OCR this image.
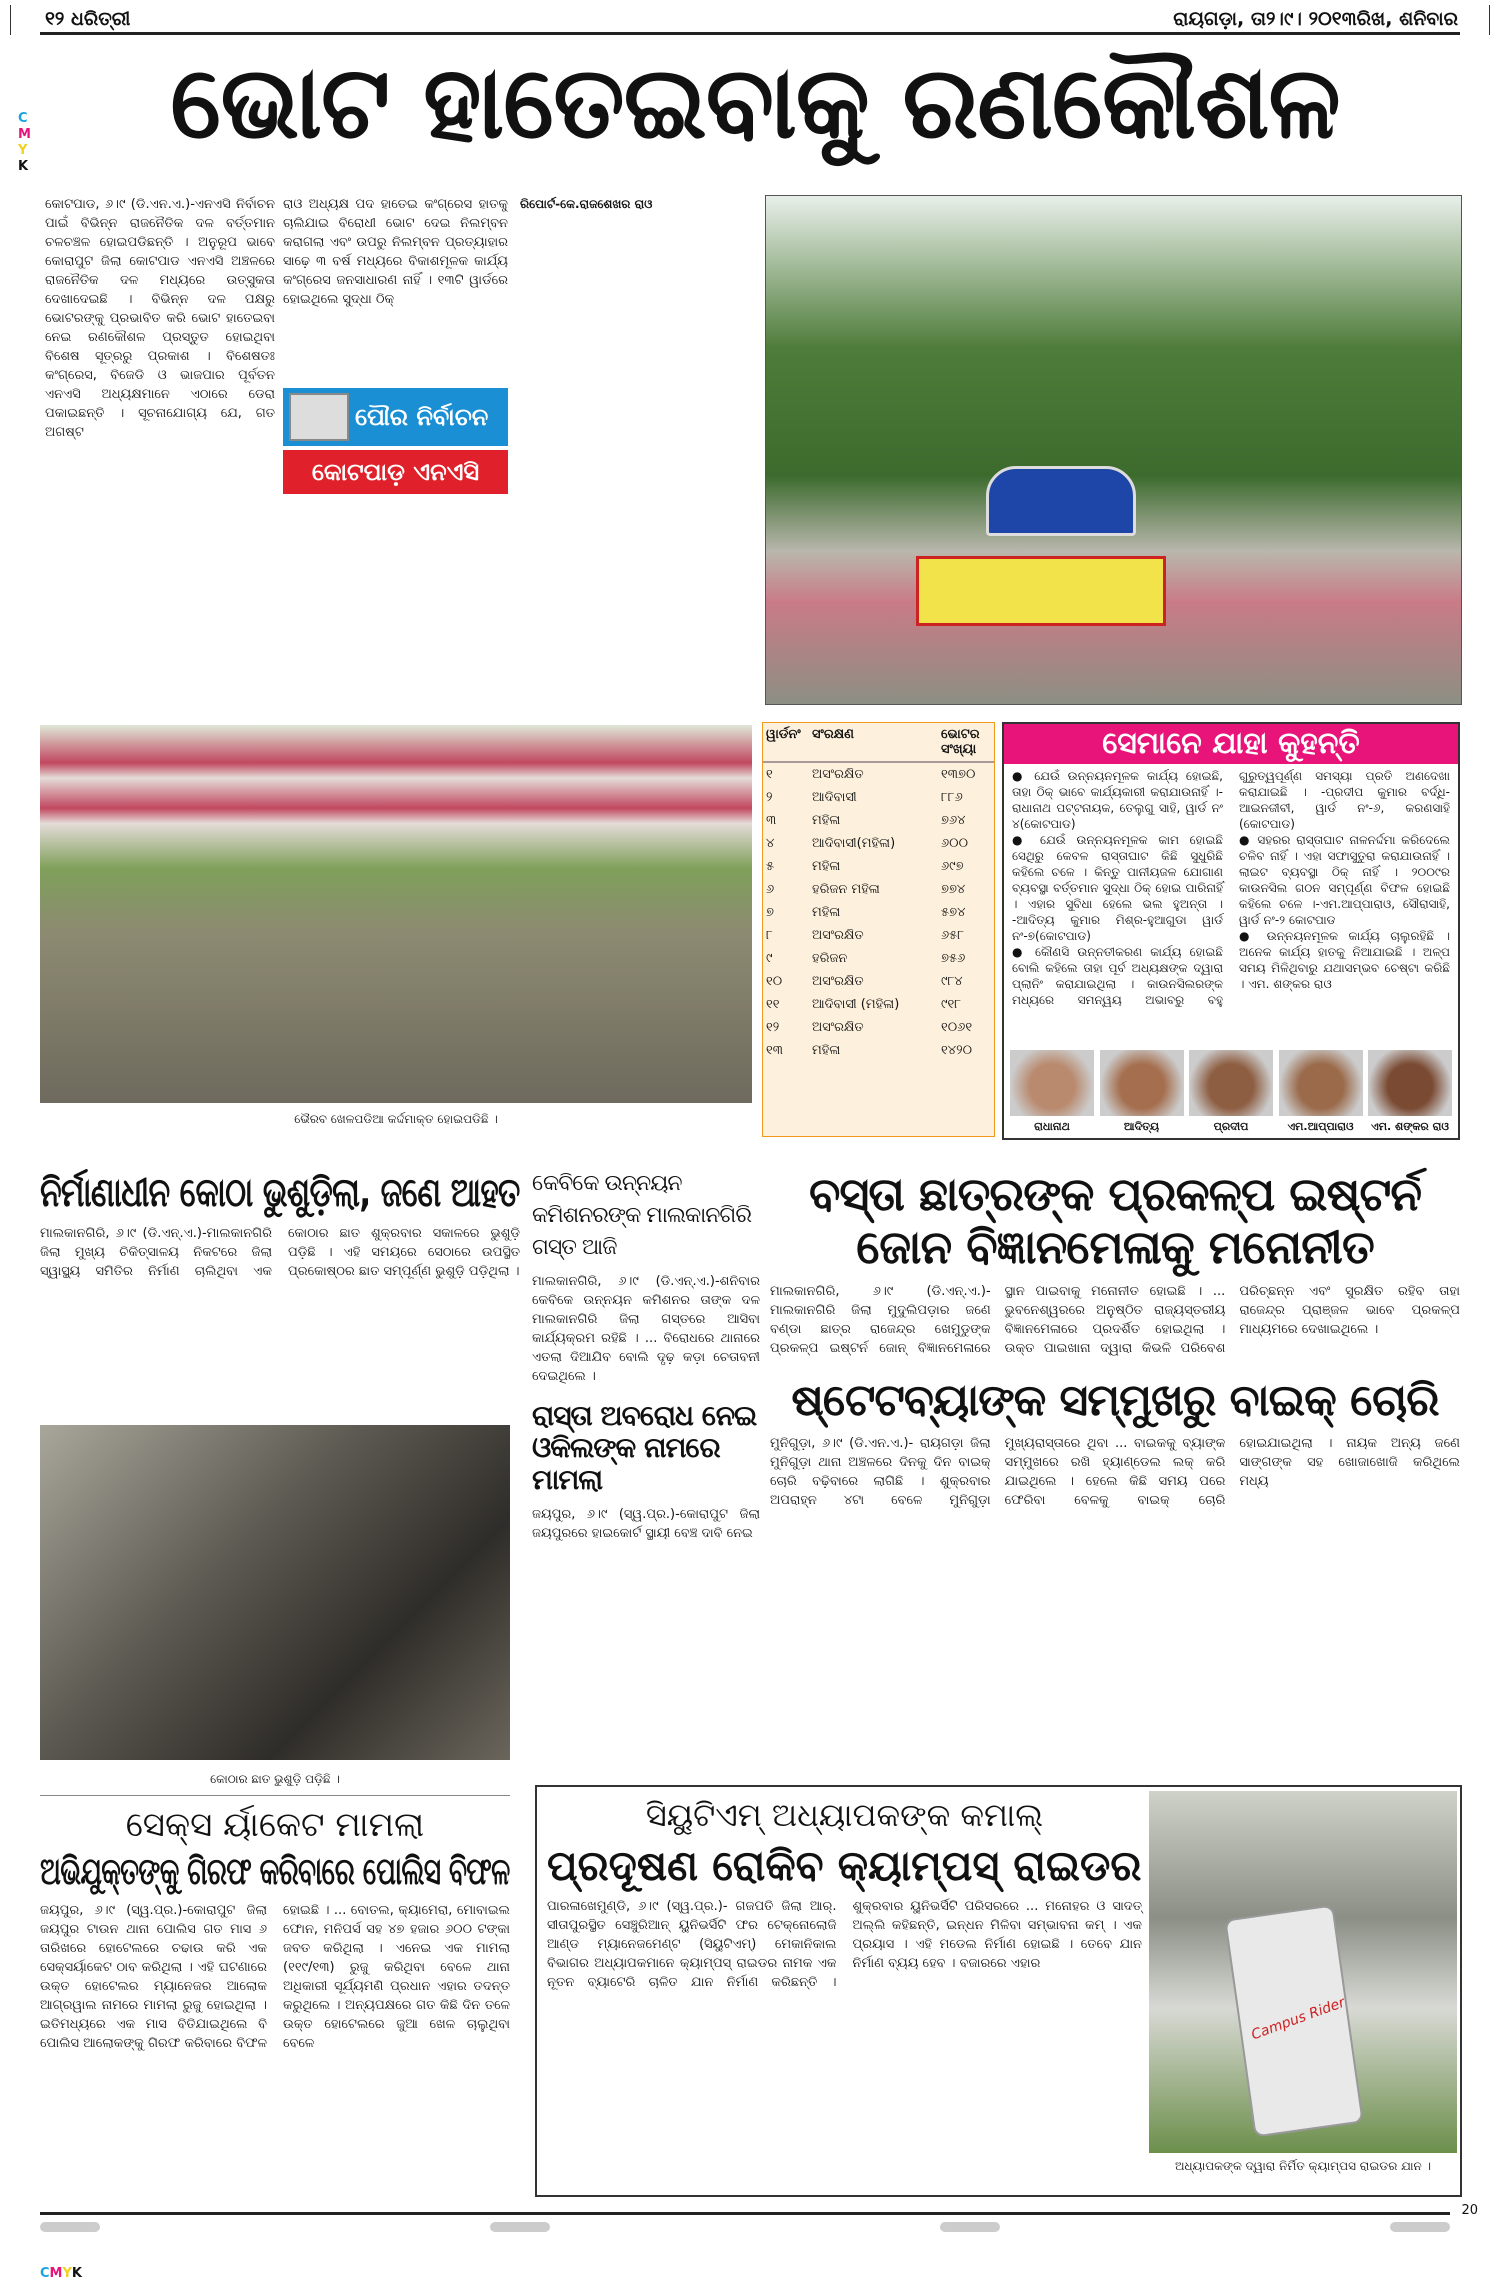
୧୨ ଧରିତ୍ରୀ	ରାୟଗଡ଼ା, ତା୨।୯। ୨୦୧୩ରିଖ, ଶନିବାର
C
M
Y
K
ଭୋଟ ହାତେଇବାକୁ ରଣକୌଶଳ
କୋଟପାଡ, ୬।୯ (ଡି.ଏନ.ଏ.)-ଏନଏସି ନିର୍ବାଚନ ପାଇଁ ବିଭିନ୍ନ ରାଜନୈତିକ ଦଳ ବର୍ତ୍ତମାନ ଚଳଚଞ୍ଚଳ ହୋଇପଡିଛନ୍ତି । ଅନୁରୂପ ଭାବେ କୋରାପୁଟ ଜିଲା କୋଟପାଡ ଏନଏସି ଅଞ୍ଚଳରେ ରାଜନୈତିକ ଦଳ ମଧ୍ୟରେ ଉତ୍ସୁକତା ଦେଖାଦେଇଛି । ବିଭିନ୍ନ ଦଳ ପକ୍ଷରୁ ଭୋଟରଙ୍କୁ ପ୍ରଭାବିତ କରି ଭୋଟ ହାତେଇବା ନେଇ ରଣକୌଶଳ ପ୍ରସ୍ତୁତ ହୋଇଥିବା ବିଶେଷ ସୂତ୍ରରୁ ପ୍ରକାଶ । ବିଶେଷତଃ କଂଗ୍ରେସ, ବିଜେଡି ଓ ଭାଜପାର ପୂର୍ବତନ ଏନଏସି ଅଧ୍ୟକ୍ଷମାନେ ଏଠାରେ ଡେରା ପକାଇଛନ୍ତି । ସୂଚନାଯୋଗ୍ୟ ଯେ, ଗତ ଅଗଷ୍ଟ
ରାଓ ଅଧ୍ୟକ୍ଷ ପଦ ହାତେଇ କଂଗ୍ରେସ ହାତକୁ ଚାଲିଯାଇ ବିରୋଧୀ ଭୋଟ ଦେଇ ନିଲମ୍ବନ କରାଗଲା ଏବଂ ଉପରୁ ନିଲମ୍ବନ ପ୍ରତ୍ୟାହାର ସାଢ଼େ ୩ ବର୍ଷ ମଧ୍ୟରେ ବିକାଶମୂଳକ କାର୍ଯ୍ୟ କଂଗ୍ରେସ ଜନସାଧାରଣ ନାହିଁ । ୧୩ଟି ୱାର୍ଡରେ ହୋଇଥିଲେ ସୁଦ୍ଧା ଠିକ୍
ପୌର ନିର୍ବାଚନ
କୋଟପାଡ଼ ଏନଏସି
ରିପୋର୍ଟ-କେ.ରାଜଶେଖର ରାଓ
ଭୈରବ ଖେଳପଡିଆ କର୍ଦ୍ଦମାକ୍ତ ହୋଇପଡିଛି ।
ୱାର୍ଡନଂ	ସଂରକ୍ଷଣ	ଭୋଟର ସଂଖ୍ୟା
୧	ଅସଂରକ୍ଷିତ	୧୩୭୦
୨	ଆଦିବାସୀ	୮୮୬
୩	ମହିଳା	୭୬୪
୪	ଆଦିବାସୀ(ମହିଳା)	୬୦୦
୫	ମହିଳା	୬୯୭
୬	ହରିଜନ ମହିଳା	୭୭୪
୭	ମହିଳା	୫୭୪
୮	ଅସଂରକ୍ଷିତ	୬୫୮
୯	ହରିଜନ	୭୫୬
୧୦	ଅସଂରକ୍ଷିତ	୯୮୪
୧୧	ଆଦିବାସୀ (ମହିଳା)	୯୧୮
୧୨	ଅସଂରକ୍ଷିତ	୧୦୬୧
୧୩	ମହିଳା	୧୪୨୦
ସେମାନେ ଯାହା କୁହନ୍ତି

● ଯେଉଁ ଉନ୍ନୟନମୂଳକ କାର୍ଯ୍ୟ ହୋଇଛି, ତାହା ଠିକ୍ ଭାବେ କାର୍ଯ୍ୟକାରୀ କରାଯାଉନାହିଁ ।-ରାଧାନାଥ ପଟ୍ଟନାୟକ, ତେଲୁଗୁ ସାହି, ୱାର୍ଡ ନଂ ୪(କୋଟପାଡ)

● ଯେଉଁ ଉନ୍ନୟନମୂଳକ କାମ ହୋଇଛି ସେଥିରୁ କେବଳ ରାସ୍ତାଘାଟ କିଛି ସୁଧୁରିଛି କହିଲେ ଚଳେ । କିନ୍ତୁ ପାନୀୟଜଳ ଯୋଗାଣ ବ୍ୟବସ୍ଥା ବର୍ତ୍ତମାନ ସୁଦ୍ଧା ଠିକ୍ ହୋଇ ପାରିନାହିଁ । ଏହାର ସୁବିଧା ହେଲେ ଭଲ ହୁଅନ୍ତା । -ଆଦିତ୍ୟ କୁମାର ମିଶ୍ର-ହୁଆଗୁଡା ୱାର୍ଡ ନଂ-୭(କୋଟପାଡ)

● କୌଣସି ଉନ୍ନତୀକରଣ କାର୍ଯ୍ୟ ହୋଇଛି ବୋଲି କହିଲେ ତାହା ପୂର୍ବ ଅଧ୍ୟକ୍ଷଙ୍କ ଦ୍ୱାରା ପ୍ଲାନିଂ କରାଯାଇଥିଲା । କାଉନସିଲରଙ୍କ ମଧ୍ୟରେ ସମନ୍ୱୟ ଅଭାବରୁ ବହୁ ଗୁରୁତ୍ୱପୂର୍ଣ୍ଣ ସମସ୍ୟା ପ୍ରତି ଅଣଦେଖା କରାଯାଇଛି । -ପ୍ରଦୀପ କୁମାର ବର୍ଦ୍ଧି-ଆଇନଜୀବୀ, ୱାର୍ଡ ନଂ-୬, କରଣସାହି (କୋଟପାଡ)

● ସହରର ରାସ୍ତାଘାଟ ନାଳନର୍ଦ୍ଦମା କରିଦେଲେ ଚଳିବ ନାହିଁ । ଏହା ସଫାସୁତୁରା କରାଯାଉନାହିଁ । ଲାଇଟ ବ୍ୟବସ୍ଥା ଠିକ୍ ନାହିଁ । ୨୦୦୯ର କାଉନସିଲ ଗଠନ ସମ୍ପୂର୍ଣ୍ଣ ବିଫଳ ହୋଇଛି କହିଲେ ଚଳେ ।-ଏମ.ଆପ୍ପାରାଓ, ସୌରାସାହି, ୱାର୍ଡ ନଂ-୨ କୋଟପାଡ

● ଉନ୍ନୟନମୂଳକ କାର୍ଯ୍ୟ ଚାଲୁରହିଛି । ଅନେକ କାର୍ଯ୍ୟ ହାତକୁ ନିଆଯାଇଛି । ଅଳ୍ପ ସମୟ ମିଳିଥିବାରୁ ଯଥାସମ୍ଭବ ଚେଷ୍ଟା କରିଛି । ଏମ. ଶଙ୍କର ରାଓ

ରାଧାନାଥ	ଆଦିତ୍ୟ	ପ୍ରଦୀପ	ଏମ.ଆପ୍ପାରାଓ	ଏମ. ଶଙ୍କର ରାଓ
ନିର୍ମାଣାଧୀନ କୋଠା ଭୁଶୁଡ଼ିଲା, ଜଣେ ଆହତ
ମାଲକାନଗିରି, ୬।୯ (ଡି.ଏନ୍.ଏ.)-ମାଲକାନଗିରି ଜିଲା ମୁଖ୍ୟ ଚିକିତ୍ସାଳୟ ନିକଟରେ ଜିଲା ସ୍ୱାସ୍ଥ୍ୟ ସମିତିର ନିର୍ମାଣ ଚାଲିଥିବା ଏକ କୋଠାର ଛାତ ଶୁକ୍ରବାର ସକାଳରେ ଭୁଶୁଡ଼ି ପଡ଼ିଛି । ଏହି ସମୟରେ ସେଠାରେ ଉପସ୍ଥିତ ପ୍ରକୋଷ୍ଠର ଛାତ ସମ୍ପୂର୍ଣ୍ଣ ଭୁଶୁଡ଼ି ପଡ଼ିଥିଲା ।
କୋଠାର ଛାତ ଭୁଶୁଡ଼ି ପଡ଼ିଛି ।
କେବିକେ ଉନ୍ନୟନ କମିଶନରଙ୍କ ମାଲକାନଗିରି ଗସ୍ତ ଆଜି
ମାଲକାନଗିରି, ୬।୯ (ଡି.ଏନ୍.ଏ.)-ଶନିବାର କେବିକେ ଉନ୍ନୟନ କମିଶନର ତାଙ୍କ ଦଳ ମାଲକାନଗିରି ଜିଲା ଗସ୍ତରେ ଆସିବା କାର୍ଯ୍ୟକ୍ରମ ରହିଛି । ... ବିରୋଧରେ ଥାନାରେ ଏତଲା ଦିଆଯିବ ବୋଲି ଦୃଢ଼ କଡ଼ା ଚେତାବନୀ ଦେଇଥିଲେ ।
ରାସ୍ତା ଅବରୋଧ ନେଇ ଓକିଲଙ୍କ ନାମରେ ମାମଲା
ଜୟପୁର, ୬।୯ (ସ୍ୱ.ପ୍ର.)-କୋରାପୁଟ ଜିଲା ଜୟପୁରରେ ହାଇକୋର୍ଟ ସ୍ଥାୟୀ ବେଞ୍ଚ ଦାବି ନେଇ
ବସ୍ତା ଛାତ୍ରଙ୍କ ପ୍ରକଳ୍ପ ଇଷ୍ଟର୍ନ ଜୋନ ବିଜ୍ଞାନମେଳାକୁ ମନୋନୀତ
ମାଲକାନଗିରି, ୬।୯ (ଡି.ଏନ୍.ଏ.)- ମାଲକାନଗିରି ଜିଲା ମୁଦୁଲିପଡ଼ାର ଜଣେ ବଣ୍ଡା ଛାତ୍ର ରାଜେନ୍ଦ୍ର ଖେମୁଡୁଙ୍କ ପ୍ରକଳ୍ପ ଇଷ୍ଟର୍ନ ଜୋନ୍ ବିଜ୍ଞାନମେଳାରେ ସ୍ଥାନ ପାଇବାକୁ ମନୋନୀତ ହୋଇଛି । ... ଭୁବନେଶ୍ୱରରେ ଅନୁଷ୍ଠିତ ରାଜ୍ୟସ୍ତରୀୟ ବିଜ୍ଞାନମେଳାରେ ପ୍ରଦର୍ଶିତ ହୋଇଥିଲା । ଉକ୍ତ ପାଇଖାନା ଦ୍ୱାରା କିଭଳି ପରିବେଶ ପରିଚ୍ଛନ୍ନ ଏବଂ ସୁରକ୍ଷିତ ରହିବ ତାହା ରାଜେନ୍ଦ୍ର ପ୍ରାଞ୍ଜଳ ଭାବେ ପ୍ରକଳ୍ପ ମାଧ୍ୟମରେ ଦେଖାଇଥିଲେ ।
ଷ୍ଟେଟବ୍ୟାଙ୍କ ସମ୍ମୁଖରୁ ବାଇକ୍ ଚୋରି
ମୁନିଗୁଡ଼ା, ୬।୯ (ଡି.ଏନ.ଏ.)- ରାୟଗଡ଼ା ଜିଲା ମୁନିଗୁଡ଼ା ଥାନା ଅଞ୍ଚଳରେ ଦିନକୁ ଦିନ ବାଇକ୍ ଚୋରି ବଢ଼ିବାରେ ଲାଗିଛି । ଶୁକ୍ରବାର ଅପରାହ୍ନ ୪ଟା ବେଳେ ମୁନିଗୁଡ଼ା ମୁଖ୍ୟରାସ୍ତାରେ ଥିବା ... ବାଇକକୁ ବ୍ୟାଙ୍କ ସମ୍ମୁଖରେ ରଖି ହ୍ୟାଣ୍ଡେଲ ଲକ୍ କରି ଯାଇଥିଲେ । ହେଲେ କିଛି ସମୟ ପରେ ଫେରିବା ବେଳକୁ ବାଇକ୍ ଚୋରି ହୋଇଯାଇଥିଲା । ନାୟକ ଅନ୍ୟ ଜଣେ ସାଙ୍ଗଙ୍କ ସହ ଖୋଜାଖୋଜି କରିଥିଲେ ମଧ୍ୟ
ସେକ୍ସ ର୍ୟାକେଟ ମାମଲା
ଅଭିଯୁକ୍ତଙ୍କୁ ଗିରଫ କରିବାରେ ପୋଲିସ ବିଫଳ
ଜୟପୁର, ୬।୯ (ସ୍ୱ.ପ୍ର.)-କୋରାପୁଟ ଜିଲା ଜୟପୁର ଟାଉନ ଥାନା ପୋଲିସ ଗତ ମାସ ୬ ତାରିଖରେ ହୋଟେଲରେ ଚଢାଉ କରି ଏକ ସେକ୍ସର୍ୟାକେଟ ଠାବ କରିଥିଲା । ଏହି ଘଟଣାରେ ଉକ୍ତ ହୋଟେଲର ମ୍ୟାନେଜର ଆଲୋକ ଆଗ୍ରୱାଲ ନାମରେ ମାମଲା ରୁଜୁ ହୋଇଥିଲା । ଇତିମଧ୍ୟରେ ଏକ ମାସ ବିତିଯାଇଥିଲେ ବି ପୋଲିସ ଆଲୋକଙ୍କୁ ଗିରଫ କରିବାରେ ବିଫଳ ହୋଇଛି । ... ବୋତଲ, କ୍ୟାମେରା, ମୋବାଇଲ ଫୋନ, ମନିପର୍ସ ସହ ୪୭ ହଜାର ୬୦୦ ଟଙ୍କା ଜବତ କରିଥିଲା । ଏନେଇ ଏକ ମାମଲା (୧୧୯/୧୩) ରୁଜୁ କରିଥିବା ବେଳେ ଥାନା ଅଧିକାରୀ ସୂର୍ଯ୍ୟମଣି ପ୍ରଧାନ ଏହାର ତଦନ୍ତ କରୁଥିଲେ । ଅନ୍ୟପକ୍ଷରେ ଗତ କିଛି ଦିନ ତଳେ ଉକ୍ତ ହୋଟେଲରେ ଜୁଆ ଖେଳ ଚାଲୁଥିବା ବେଳେ
ସିୟୁଟିଏମ୍ ଅଧ୍ୟାପକଙ୍କ କମାଲ୍
ପ୍ରଦୂଷଣ ରୋକିବ କ୍ୟାମ୍ପସ୍ ରାଇଡର
ପାରଳାଖେମୁଣ୍ଡି, ୬।୯ (ସ୍ୱ.ପ୍ର.)- ଗଜପତି ଜିଲା ଆର୍. ସୀତାପୁରସ୍ଥିତ ସେଞ୍ଚୁରିଆନ୍ ୟୁନିଭର୍ସିଟି ଫର ଟେକ୍ନୋଲୋଜି ଆଣ୍ଡ ମ୍ୟାନେଜମେଣ୍ଟ (ସିୟୁଟିଏମ୍) ମେକାନିକାଲ ବିଭାଗର ଅଧ୍ୟାପକମାନେ କ୍ୟାମ୍ପସ୍ ରାଇଡର ନାମକ ଏକ ନୂତନ ବ୍ୟାଟେରି ଚାଳିତ ଯାନ ନିର୍ମାଣ କରିଛନ୍ତି । ଶୁକ୍ରବାର ୟୁନିଭର୍ସିଟି ପରିସରରେ ... ମନୋହର ଓ ସାଦତ୍ ଅଲ୍ଲି କହିଛନ୍ତି, ଇନ୍ଧନ ମିଳିବା ସମ୍ଭାବନା କମ୍ । ଏକ ପ୍ରୟାସ । ଏହି ମଡେଲ ନିର୍ମାଣ ହୋଇଛି । ତେବେ ଯାନ ନିର୍ମାଣ ବ୍ୟୟ ହେବ । ବଜାରରେ ଏହାର
Campus Rider
ଅଧ୍ୟାପକଙ୍କ ଦ୍ୱାରା ନିର୍ମିତ କ୍ୟାମ୍ପସ ରାଇଡର ଯାନ ।
20
CMYK
